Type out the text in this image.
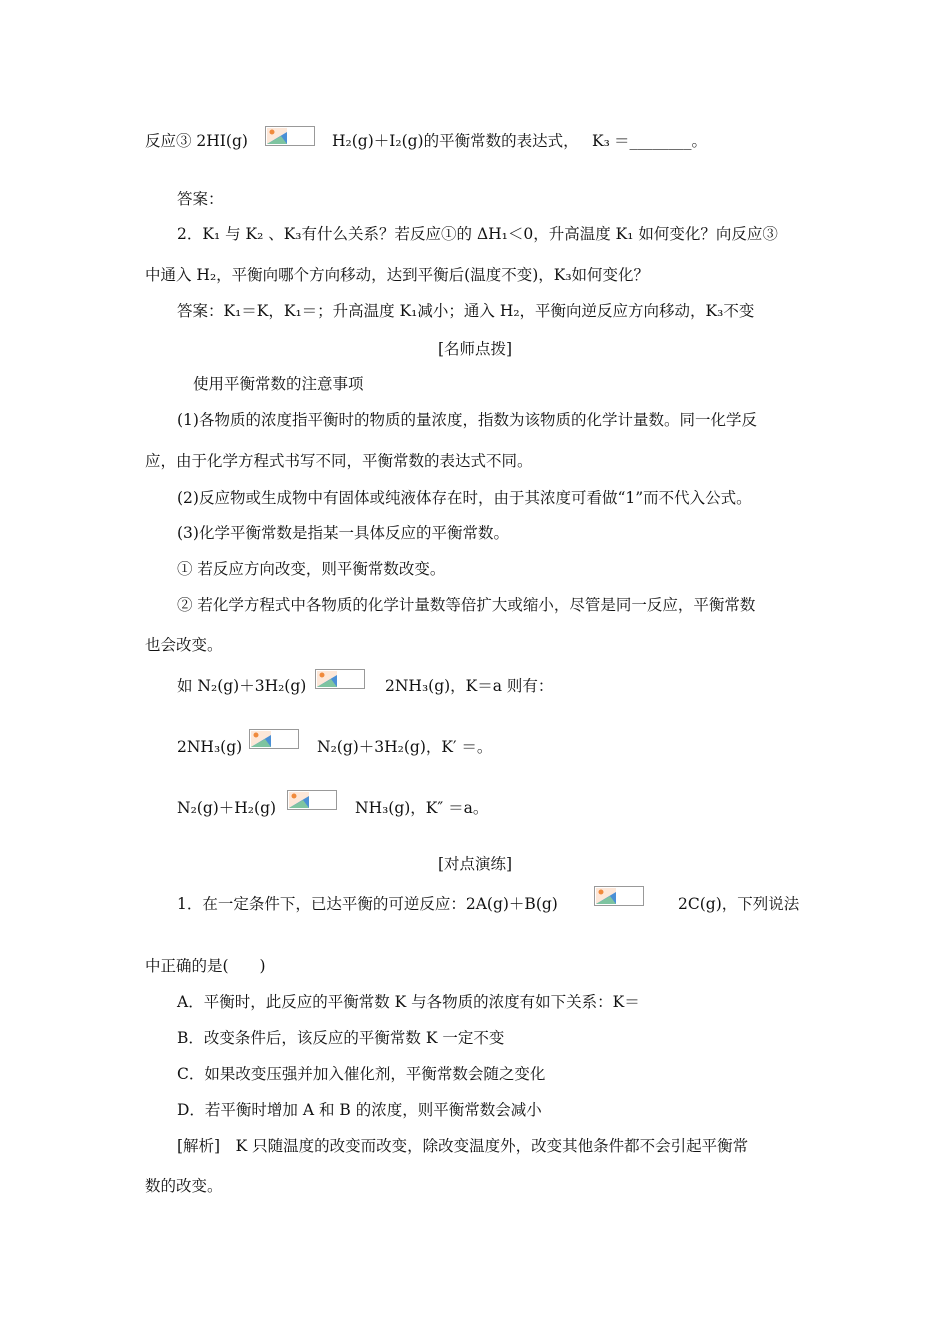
反应③ 2HI(g)	H₂(g)＋I₂(g)的平衡常数的表达式， K₃ ＝________。
答案：
2．K₁ 与 K₂ 、K₃有什么关系？若反应①的 ΔH₁＜0，升高温度 K₁ 如何变化？向反应③
中通入 H₂，平衡向哪个方向移动，达到平衡后(温度不变)，K₃如何变化？
答案：K₁＝K，K₁＝；升高温度 K₁减小；通入 H₂，平衡向逆反应方向移动，K₃不变
[名师点拨]
使用平衡常数的注意事项
(1)各物质的浓度指平衡时的物质的量浓度，指数为该物质的化学计量数。同一化学反
应，由于化学方程式书写不同，平衡常数的表达式不同。
(2)反应物或生成物中有固体或纯液体存在时，由于其浓度可看做“1”而不代入公式。
(3)化学平衡常数是指某一具体反应的平衡常数。
① 若反应方向改变，则平衡常数改变。
② 若化学方程式中各物质的化学计量数等倍扩大或缩小，尽管是同一反应，平衡常数
也会改变。
如 N₂(g)＋3H₂(g)	2NH₃(g)，K＝a 则有：
2NH₃(g)	N₂(g)＋3H₂(g)，K′ ＝。
N₂(g)＋H₂(g)	NH₃(g)，K″ ＝a。
[对点演练]
1．在一定条件下，已达平衡的可逆反应：2A(g)＋B(g)	2C(g)，下列说法
中正确的是(　　)
A．平衡时，此反应的平衡常数 K 与各物质的浓度有如下关系：K＝
B．改变条件后，该反应的平衡常数 K 一定不变
C．如果改变压强并加入催化剂，平衡常数会随之变化
D．若平衡时增加 A 和 B 的浓度，则平衡常数会减小
[解析]　K 只随温度的改变而改变，除改变温度外，改变其他条件都不会引起平衡常
数的改变。
